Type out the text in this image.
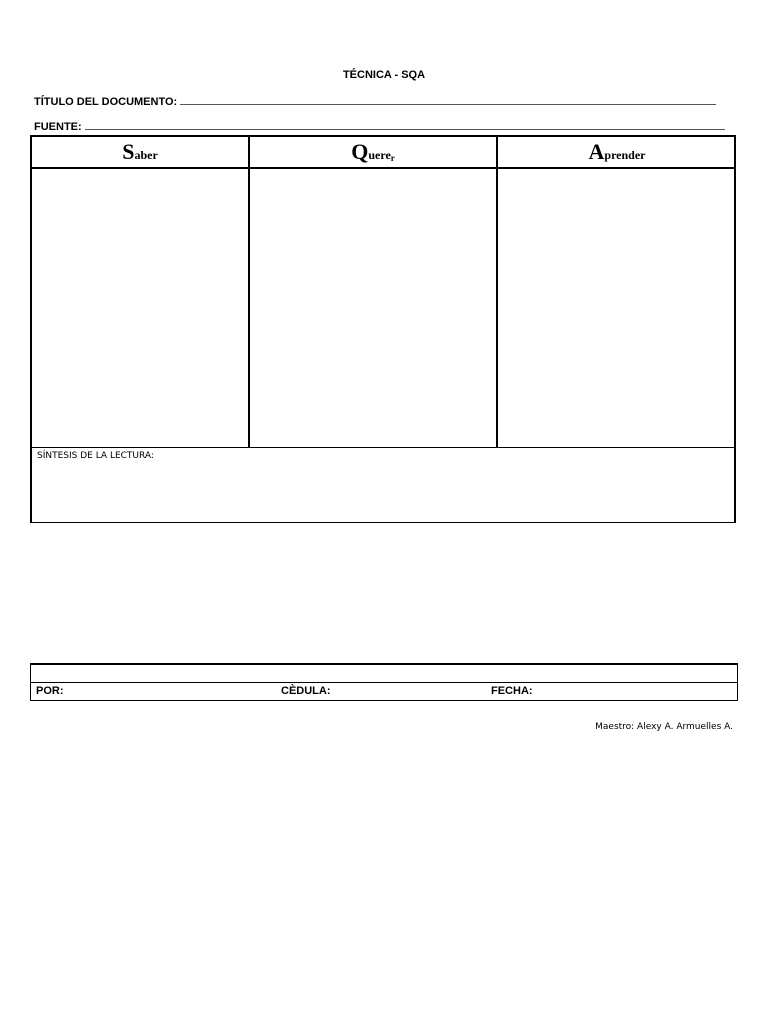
TÉCNICA - SQA
TÍTULO DEL DOCUMENTO:
FUENTE:
Saber	Quere$_r$	Aprender
SÍNTESIS DE LA LECTURA:
POR:	CÈDULA:	FECHA:
Maestro: Alexy A. Armuelles A.
